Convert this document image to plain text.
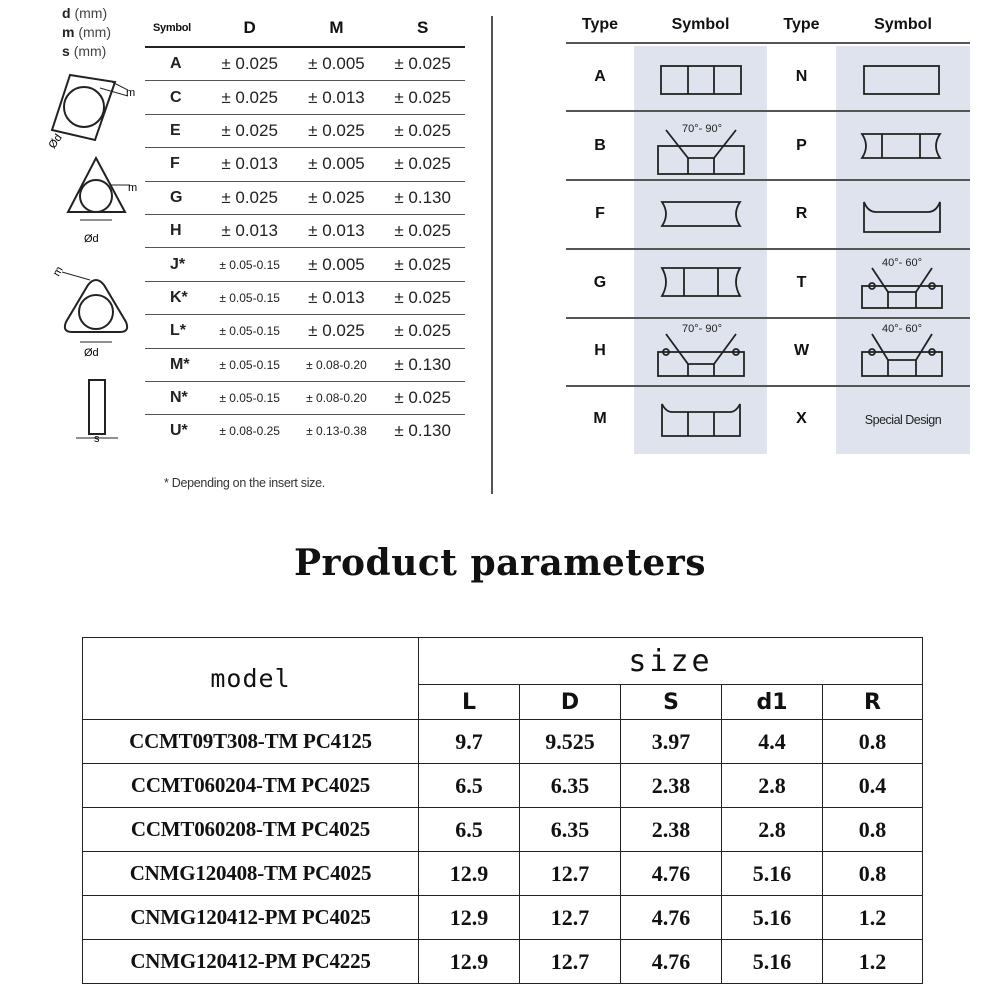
d (mm)
m (mm)
s (mm)
m
Ød
m
Ød
m
Ød
s
Symbol	D	M	S
A	± 0.025	± 0.005	± 0.025
C	± 0.025	± 0.013	± 0.025
E	± 0.025	± 0.025	± 0.025
F	± 0.013	± 0.005	± 0.025
G	± 0.025	± 0.025	± 0.130
H	± 0.013	± 0.013	± 0.025
J*	± 0.05-0.15	± 0.005	± 0.025
K*	± 0.05-0.15	± 0.013	± 0.025
L*	± 0.05-0.15	± 0.025	± 0.025
M*	± 0.05-0.15	± 0.08-0.20	± 0.130
N*	± 0.05-0.15	± 0.08-0.20	± 0.025
U*	± 0.08-0.25	± 0.13-0.38	± 0.130
* Depending on the insert size.
Type	Symbol	Type	Symbol
A	N
B	P
F	R
G	T
H	W
M	X	Special Design
70°- 90°
40°- 60°
70°- 90°	40°- 60°
Product parameters
model	size				
	L	D	S	d1	R
CCMT09T308-TM PC4125	9.7	9.525	3.97	4.4	0.8
CCMT060204-TM PC4025	6.5	6.35	2.38	2.8	0.4
CCMT060208-TM PC4025	6.5	6.35	2.38	2.8	0.8
CNMG120408-TM PC4025	12.9	12.7	4.76	5.16	0.8
CNMG120412-PM PC4025	12.9	12.7	4.76	5.16	1.2
CNMG120412-PM PC4225	12.9	12.7	4.76	5.16	1.2
